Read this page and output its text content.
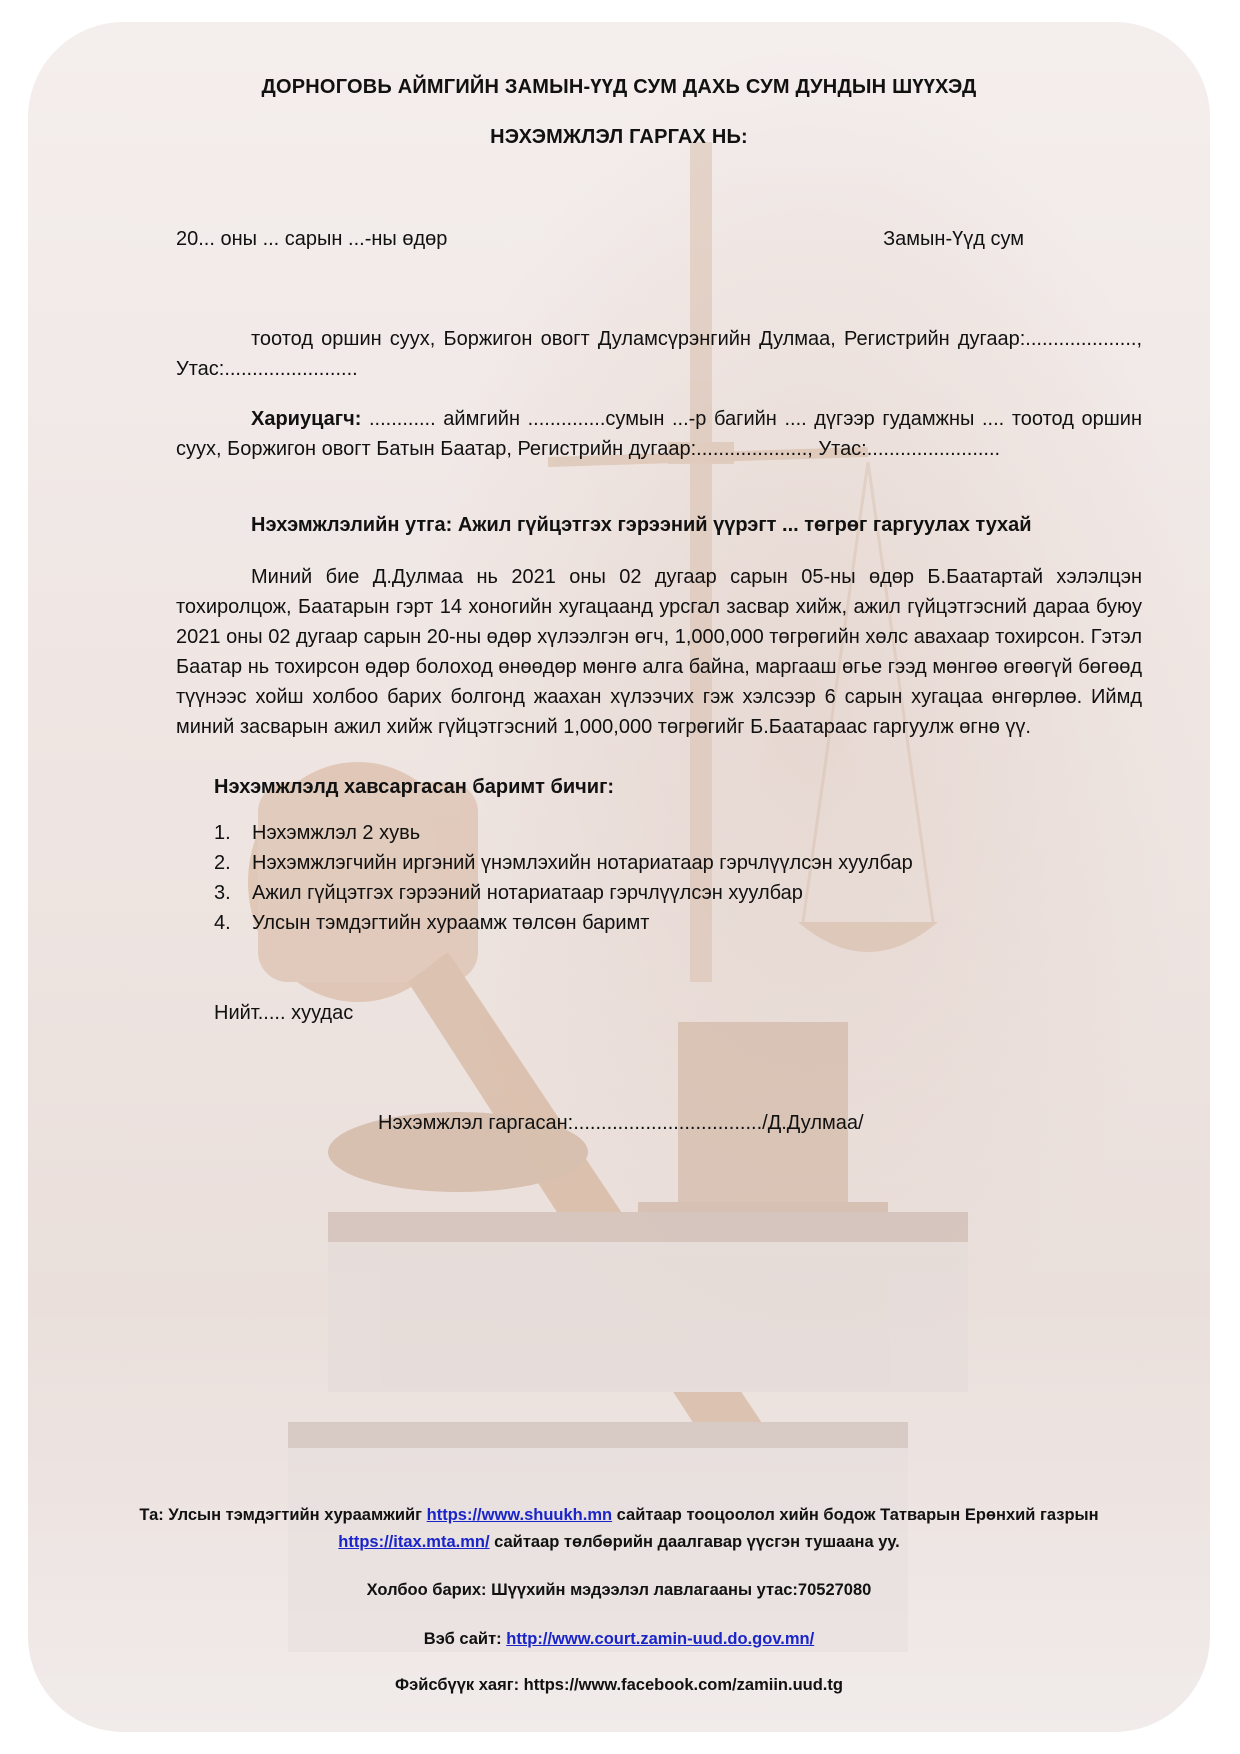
ДОРНОГОВЬ АЙМГИЙН ЗАМЫН-ҮҮД СУМ ДАХЬ СУМ ДУНДЫН ШҮҮХЭД
НЭХЭМЖЛЭЛ ГАРГАХ НЬ:
20... оны ... сарын ...-ны өдөр	Замын-Үүд сум
тоотод оршин суух, Боржигон овогт Дуламсүрэнгийн Дулмаа, Регистрийн дугаар:...................., Утас:........................
Хариуцагч: ............ аймгийн ..............сумын ...-р багийн .... дүгээр гудамжны .... тоотод оршин суух, Боржигон овогт Батын Баатар, Регистрийн дугаар:...................., Утас:........................
Нэхэмжлэлийн утга: Ажил гүйцэтгэх гэрээний үүрэгт ... төгрөг гаргуулах тухай
Миний бие Д.Дулмаа нь 2021 оны 02 дугаар сарын 05-ны өдөр Б.Баатартай хэлэлцэн тохиролцож, Баатарын гэрт 14 хоногийн хугацаанд урсгал засвар хийж, ажил гүйцэтгэсний дараа буюу 2021 оны 02 дугаар сарын 20-ны өдөр хүлээлгэн өгч, 1,000,000 төгрөгийн хөлс авахаар тохирсон. Гэтэл Баатар нь тохирсон өдөр болоход өнөөдөр мөнгө алга байна, маргааш өгье гээд мөнгөө өгөөгүй бөгөөд түүнээс хойш холбоо барих болгонд жаахан хүлээчих гэж хэлсээр 6 сарын хугацаа өнгөрлөө. Иймд миний засварын ажил хийж гүйцэтгэсний 1,000,000 төгрөгийг Б.Баатараас гаргуулж өгнө үү.
Нэхэмжлэлд хавсаргасан баримт бичиг:
1.	Нэхэмжлэл 2 хувь
2.	Нэхэмжлэгчийн иргэний үнэмлэхийн нотариатаар гэрчлүүлсэн хуулбар
3.	Ажил гүйцэтгэх гэрээний нотариатаар гэрчлүүлсэн хуулбар
4.	Улсын тэмдэгтийн хураамж төлсөн баримт
Нийт..... хуудас
Нэхэмжлэл гаргасан:................................../Д.Дулмаа/
Та: Улсын тэмдэгтийн хураамжийг https://www.shuukh.mn сайтаар тооцоолол хийн бодож Татварын Ерөнхий газрын https://itax.mta.mn/ сайтаар төлбөрийн даалгавар үүсгэн тушаана уу.
Холбоо барих: Шүүхийн мэдээлэл лавлагааны утас:70527080
Вэб сайт: http://www.court.zamin-uud.do.gov.mn/
Фэйсбүүк хаяг: https://www.facebook.com/zamiin.uud.tg
